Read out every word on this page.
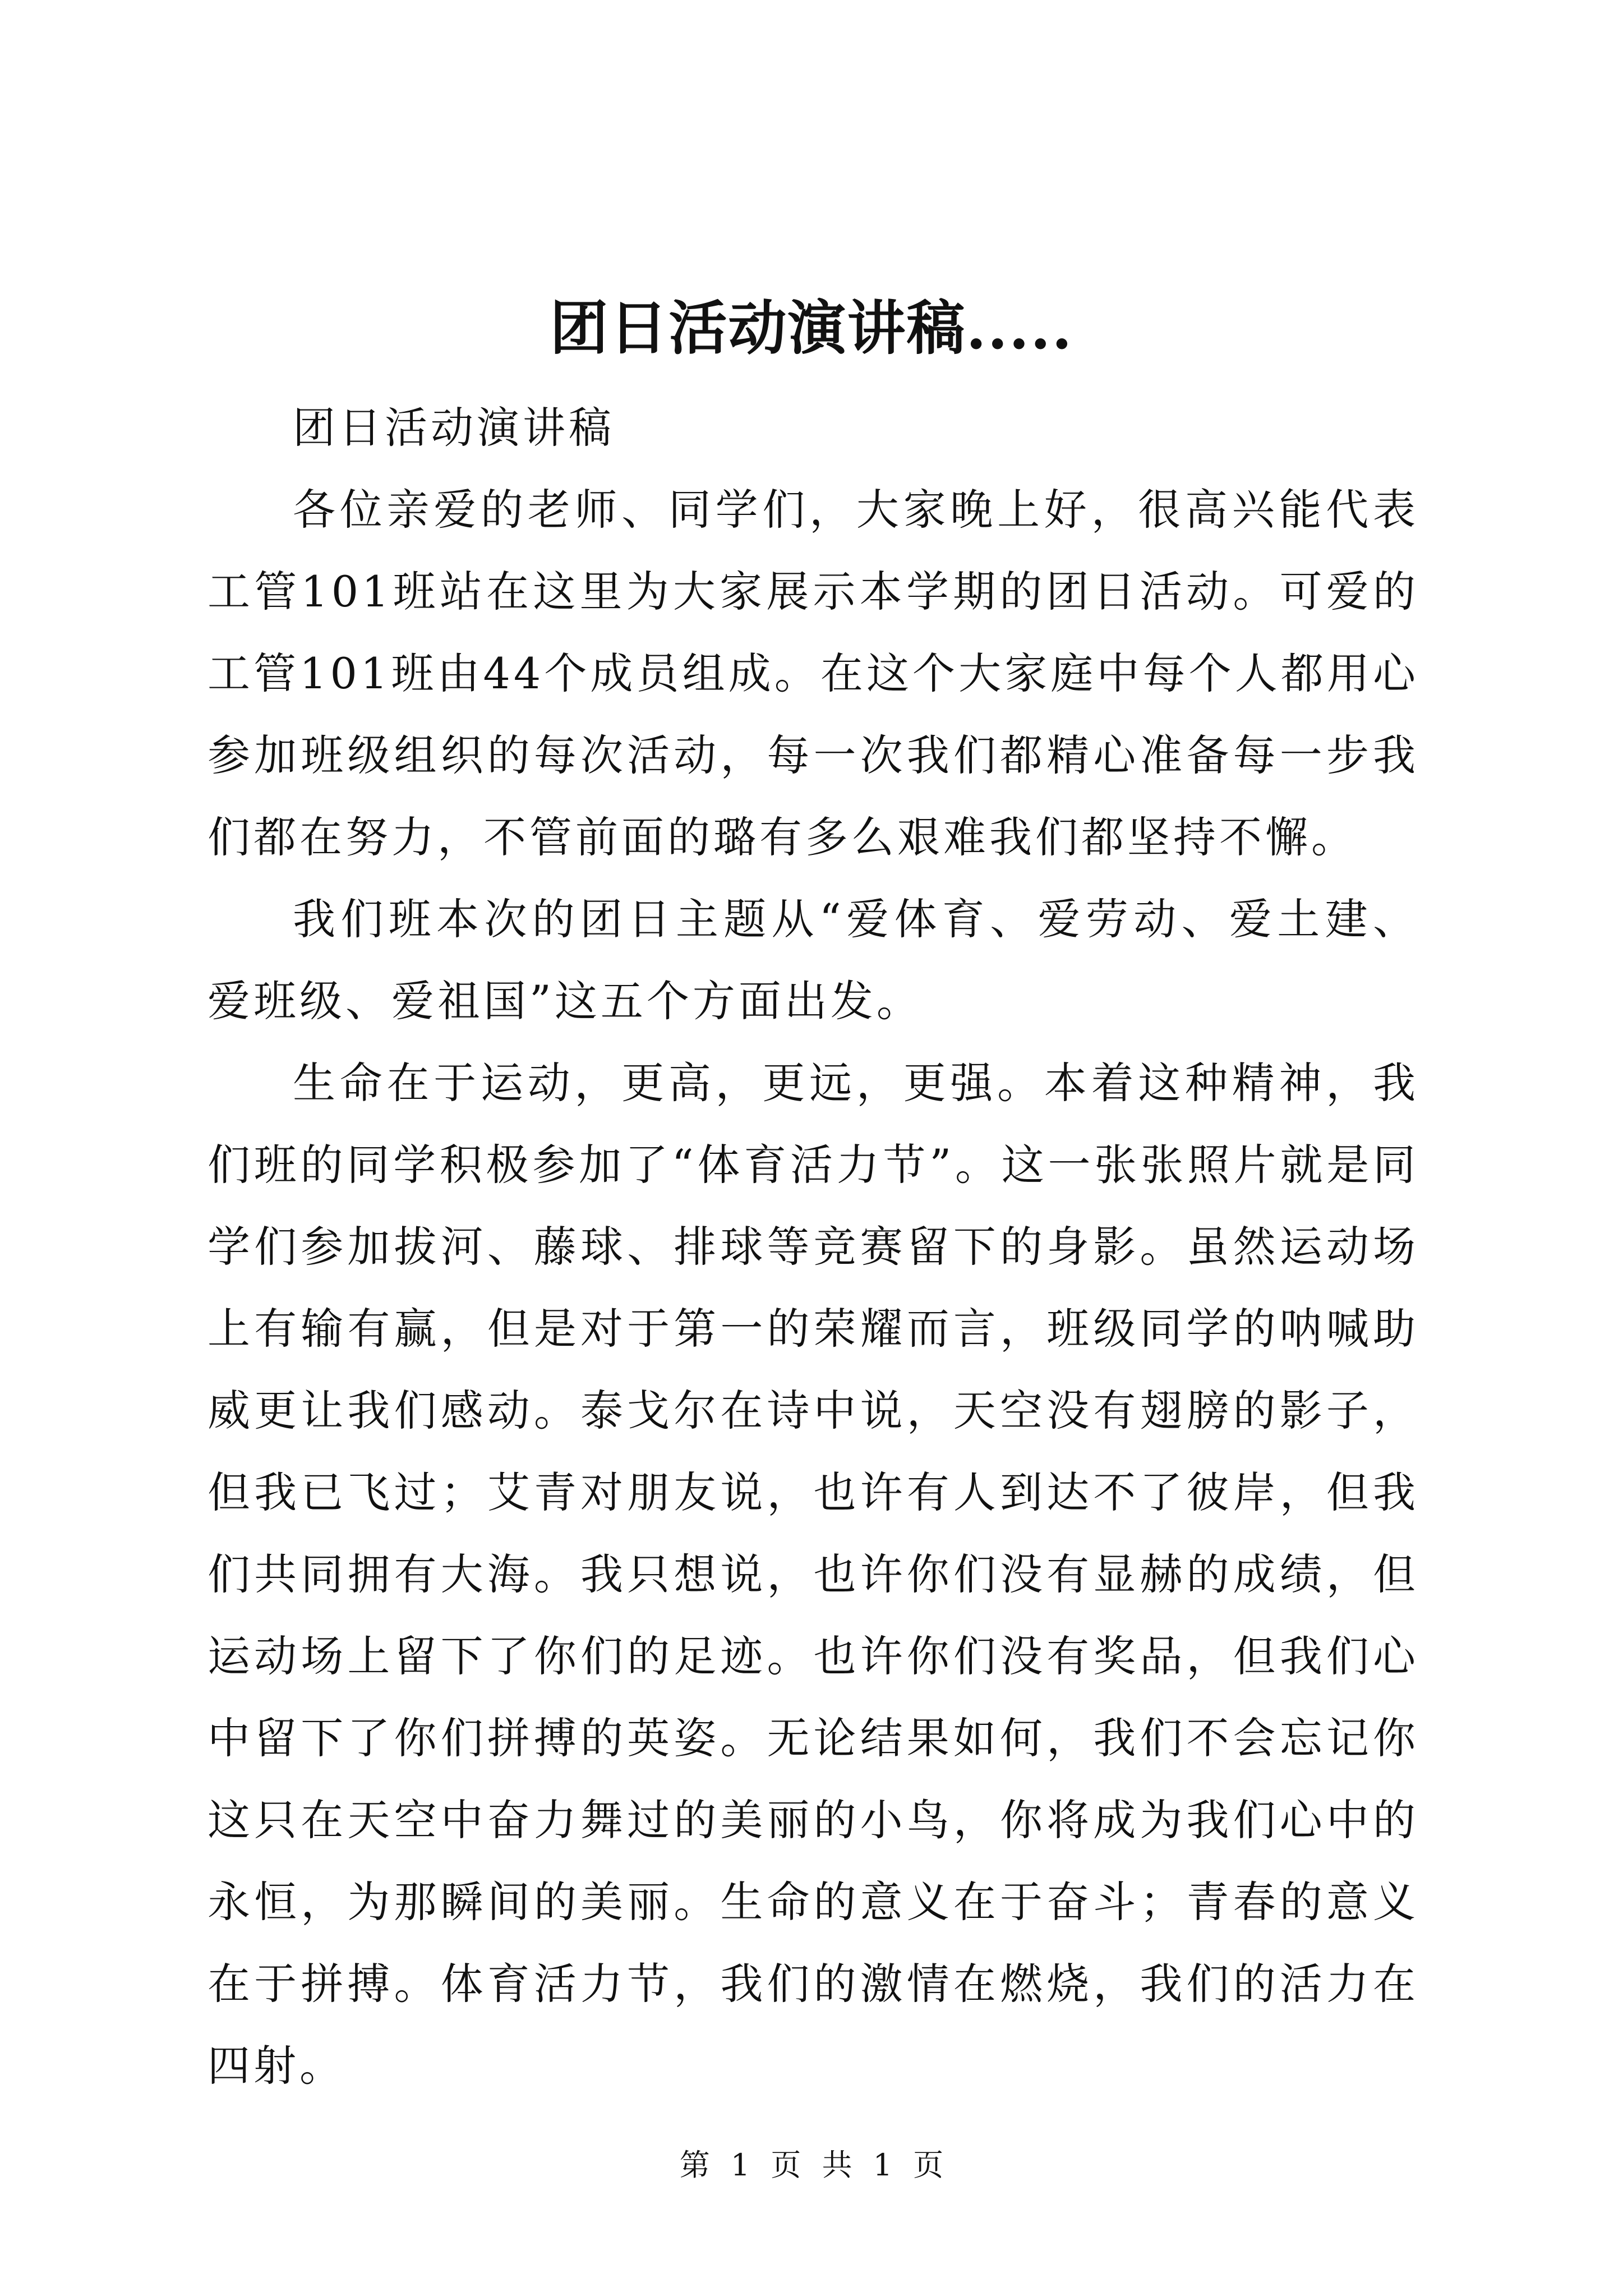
团日活动演讲稿.....

团日活动演讲稿

各位亲爱的老师、同学们，大家晚上好，很高兴能代表工管101班站在这里为大家展示本学期的团日活动。可爱的工管101班由44个成员组成。在这个大家庭中每个人都用心参加班级组织的每次活动，每一次我们都精心准备每一步我们都在努力，不管前面的璐有多么艰难我们都坚持不懈。

我们班本次的团日主题从“爱体育、爱劳动、爱土建、爱班级、爱祖国”这五个方面出发。

生命在于运动，更高，更远，更强。本着这种精神，我们班的同学积极参加了“体育活力节”。这一张张照片就是同学们参加拔河、藤球、排球等竞赛留下的身影。虽然运动场上有输有赢，但是对于第一的荣耀而言，班级同学的呐喊助威更让我们感动。泰戈尔在诗中说，天空没有翅膀的影子，但我已飞过；艾青对朋友说，也许有人到达不了彼岸，但我们共同拥有大海。我只想说，也许你们没有显赫的成绩，但运动场上留下了你们的足迹。也许你们没有奖品，但我们心中留下了你们拼搏的英姿。无论结果如何，我们不会忘记你这只在天空中奋力舞过的美丽的小鸟，你将成为我们心中的永恒，为那瞬间的美丽。生命的意义在于奋斗；青春的意义在于拼搏。体育活力节，我们的激情在燃烧，我们的活力在四射。

第 1 页 共 1 页
